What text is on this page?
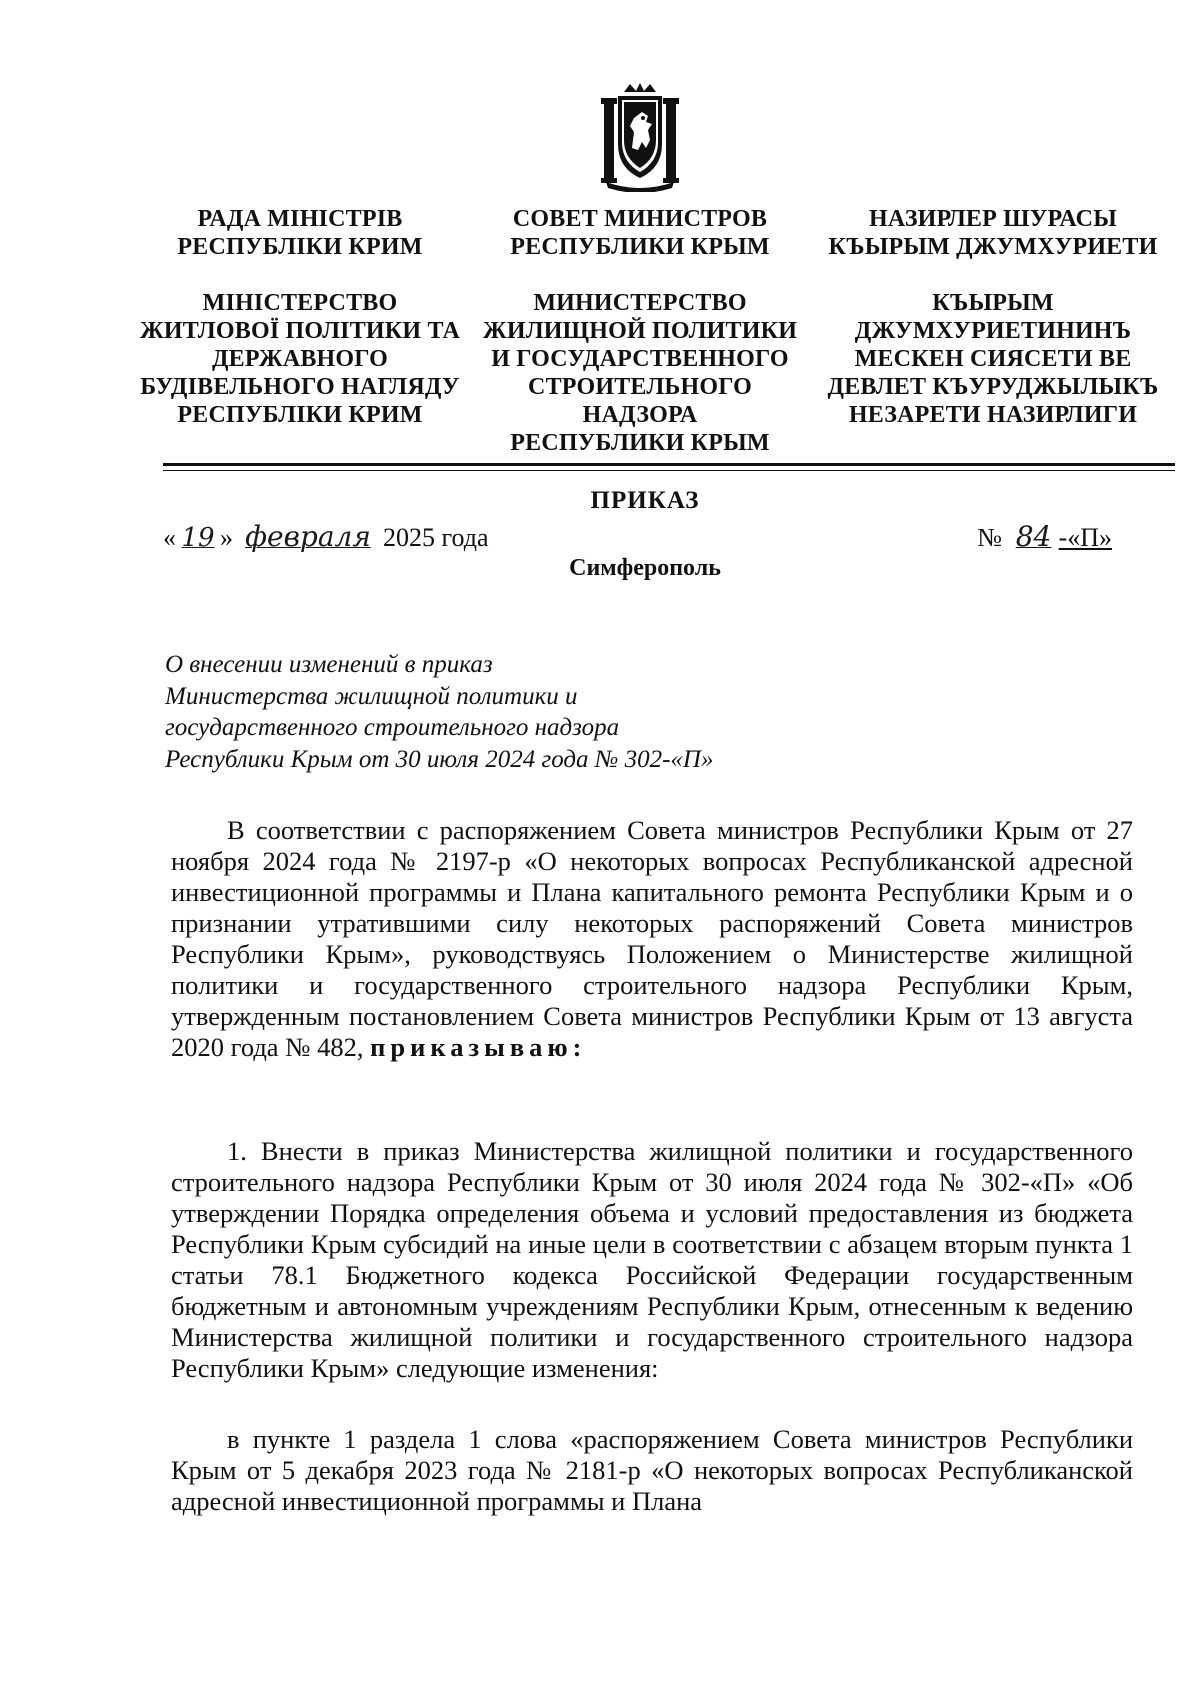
РАДА МІНІСТРІВ
РЕСПУБЛІКИ КРИМ
МІНІСТЕРСТВО
ЖИТЛОВОЇ ПОЛІТИКИ ТА
ДЕРЖАВНОГО
БУДІВЕЛЬНОГО НАГЛЯДУ
РЕСПУБЛІКИ КРИМ
СОВЕТ МИНИСТРОВ
РЕСПУБЛИКИ КРЫМ
МИНИСТЕРСТВО
ЖИЛИЩНОЙ ПОЛИТИКИ
И ГОСУДАРСТВЕННОГО
СТРОИТЕЛЬНОГО
НАДЗОРА
РЕСПУБЛИКИ КРЫМ
НАЗИРЛЕР ШУРАСЫ
КЪЫРЫМ ДЖУМХУРИЕТИ
КЪЫРЫМ
ДЖУМХУРИЕТИНИНЪ
МЕСКЕН СИЯСЕТИ ВЕ
ДЕВЛЕТ КЪУРУДЖЫЛЫКЪ
НЕЗАРЕТИ НАЗИРЛИГИ
ПРИКАЗ
« 19 » февраля 2025 года	№ 84 -«П»
Симферополь
О внесении изменений в приказ
Министерства жилищной политики и
государственного строительного надзора
Республики Крым от 30 июля 2024 года № 302-«П»
В соответствии с распоряжением Совета министров Республики Крым от 27 ноября 2024 года № 2197-р «О некоторых вопросах Республиканской адресной инвестиционной программы и Плана капитального ремонта Республики Крым и о признании утратившими силу некоторых распоряжений Совета министров Республики Крым», руководствуясь Положением о Министерстве жилищной политики и государственного строительного надзора Республики Крым, утвержденным постановлением Совета министров Республики Крым от 13 августа 2020 года № 482, приказываю:
1. Внести в приказ Министерства жилищной политики и государственного строительного надзора Республики Крым от 30 июля 2024 года № 302-«П» «Об утверждении Порядка определения объема и условий предоставления из бюджета Республики Крым субсидий на иные цели в соответствии с абзацем вторым пункта 1 статьи 78.1 Бюджетного кодекса Российской Федерации государственным бюджетным и автономным учреждениям Республики Крым, отнесенным к ведению Министерства жилищной политики и государственного строительного надзора Республики Крым» следующие изменения:
в пункте 1 раздела 1 слова «распоряжением Совета министров Республики Крым от 5 декабря 2023 года № 2181-р «О некоторых вопросах Республиканской адресной инвестиционной программы и Плана
